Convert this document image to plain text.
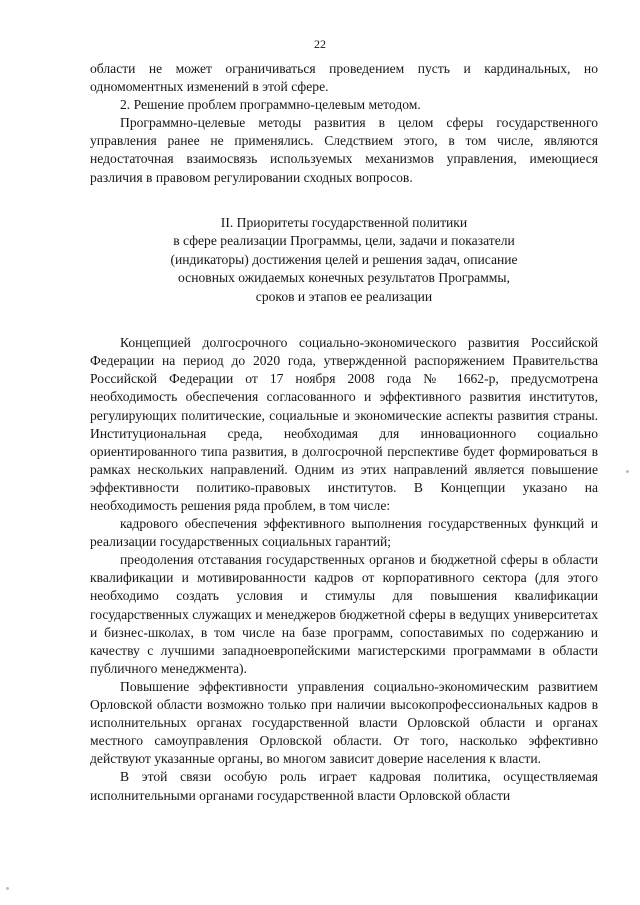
22

области не может ограничиваться проведением пусть и кардинальных, но одномоментных изменений в этой сфере.

2. Решение проблем программно-целевым методом.

Программно-целевые методы развития в целом сферы государственного управления ранее не применялись. Следствием этого, в том числе, являются недостаточная взаимосвязь используемых механизмов управления, имеющиеся различия в правовом регулировании сходных вопросов.

II. Приоритеты государственной политики
в сфере реализации Программы, цели, задачи и показатели
(индикаторы) достижения целей и решения задач, описание
основных ожидаемых конечных результатов Программы,
сроков и этапов ее реализации

Концепцией долгосрочного социально-экономического развития Российской Федерации на период до 2020 года, утвержденной распоряжением Правительства Российской Федерации от 17 ноября 2008 года № 1662-р, предусмотрена необходимость обеспечения согласованного и эффективного развития институтов, регулирующих политические, социальные и экономические аспекты развития страны. Институциональная среда, необходимая для инновационного социально ориентированного типа развития, в долгосрочной перспективе будет формироваться в рамках нескольких направлений. Одним из этих направлений является повышение эффективности политико-правовых институтов. В Концепции указано на необходимость решения ряда проблем, в том числе:

кадрового обеспечения эффективного выполнения государственных функций и реализации государственных социальных гарантий;

преодоления отставания государственных органов и бюджетной сферы в области квалификации и мотивированности кадров от корпоративного сектора (для этого необходимо создать условия и стимулы для повышения квалификации государственных служащих и менеджеров бюджетной сферы в ведущих университетах и бизнес-школах, в том числе на базе программ, сопоставимых по содержанию и качеству с лучшими западноевропейскими магистерскими программами в области публичного менеджмента).

Повышение эффективности управления социально-экономическим развитием Орловской области возможно только при наличии высокопрофессиональных кадров в исполнительных органах государственной власти Орловской области и органах местного самоуправления Орловской области. От того, насколько эффективно действуют указанные органы, во многом зависит доверие населения к власти.

В этой связи особую роль играет кадровая политика, осуществляемая исполнительными органами государственной власти Орловской области
